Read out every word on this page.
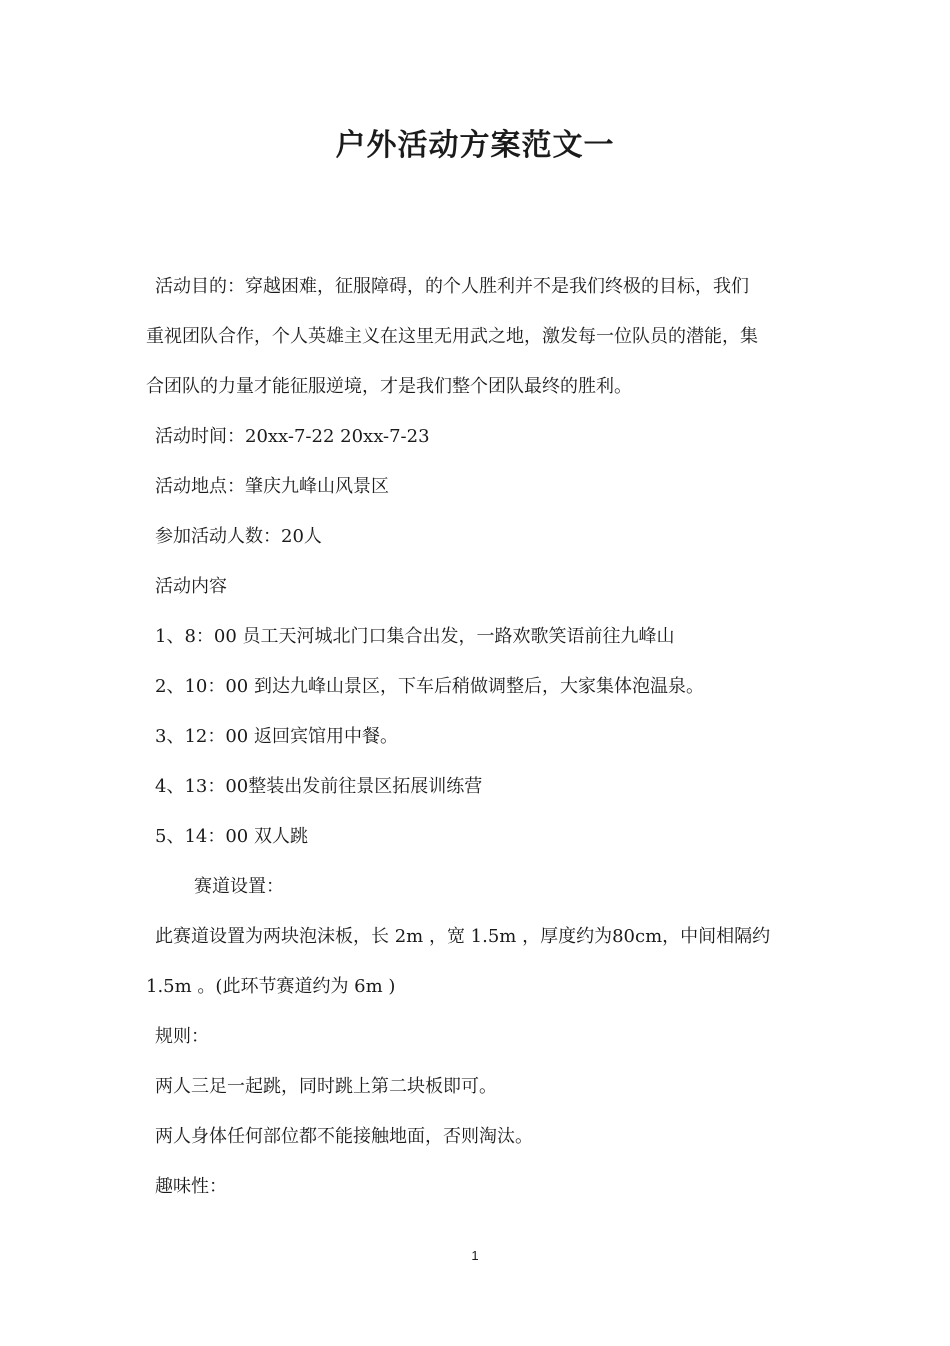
户外活动方案范文一
活动目的：穿越困难，征服障碍，的个人胜利并不是我们终极的目标，我们
重视团队合作，个人英雄主义在这里无用武之地，激发每一位队员的潜能，集
合团队的力量才能征服逆境，才是我们整个团队最终的胜利。
活动时间：20xx-7-22 20xx-7-23
活动地点：肇庆九峰山风景区
参加活动人数：20人
活动内容
1、8：00 员工天河城北门口集合出发，一路欢歌笑语前往九峰山
2、10：00 到达九峰山景区，下车后稍做调整后，大家集体泡温泉。
3、12：00 返回宾馆用中餐。
4、13：00整装出发前往景区拓展训练营
5、14：00 双人跳
赛道设置：
此赛道设置为两块泡沫板，长 2m ，宽 1.5m ，厚度约为80cm，中间相隔约
1.5m 。(此环节赛道约为 6m )
规则：
两人三足一起跳，同时跳上第二块板即可。
两人身体任何部位都不能接触地面，否则淘汰。
趣味性：
1
